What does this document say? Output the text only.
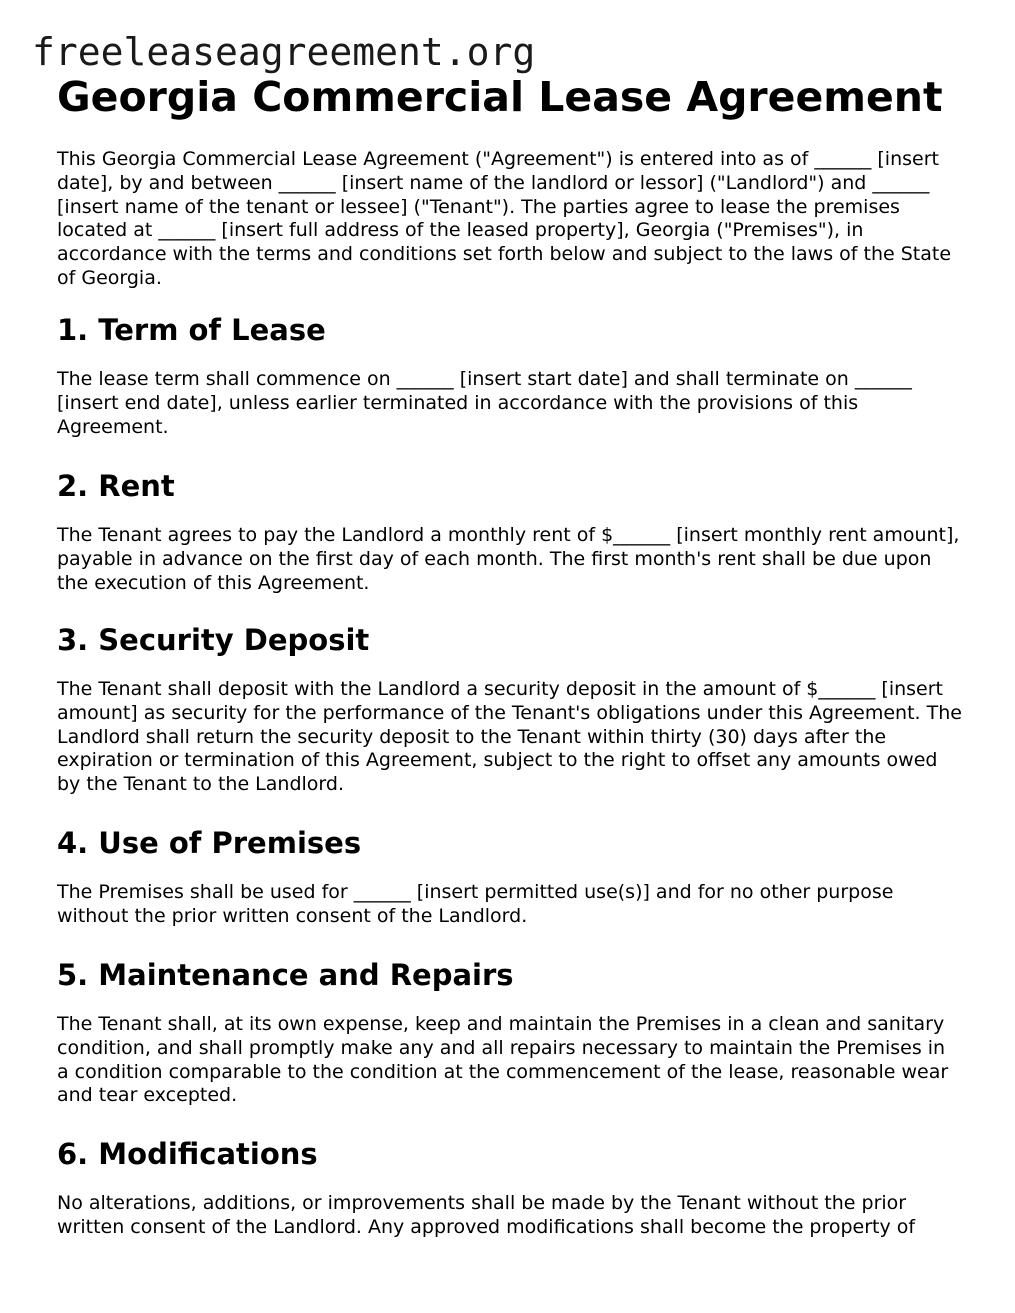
freeleaseagreement.org
Georgia Commercial Lease Agreement

This Georgia Commercial Lease Agreement ("Agreement") is entered into as of ______ [insert date], by and between ______ [insert name of the landlord or lessor] ("Landlord") and ______ [insert name of the tenant or lessee] ("Tenant"). The parties agree to lease the premises located at ______ [insert full address of the leased property], Georgia ("Premises"), in accordance with the terms and conditions set forth below and subject to the laws of the State of Georgia.

1. Term of Lease

The lease term shall commence on ______ [insert start date] and shall terminate on ______ [insert end date], unless earlier terminated in accordance with the provisions of this Agreement.

2. Rent

The Tenant agrees to pay the Landlord a monthly rent of $______ [insert monthly rent amount], payable in advance on the first day of each month. The first month's rent shall be due upon the execution of this Agreement.

3. Security Deposit

The Tenant shall deposit with the Landlord a security deposit in the amount of $______ [insert amount] as security for the performance of the Tenant's obligations under this Agreement. The Landlord shall return the security deposit to the Tenant within thirty (30) days after the expiration or termination of this Agreement, subject to the right to offset any amounts owed by the Tenant to the Landlord.

4. Use of Premises

The Premises shall be used for ______ [insert permitted use(s)] and for no other purpose without the prior written consent of the Landlord.

5. Maintenance and Repairs

The Tenant shall, at its own expense, keep and maintain the Premises in a clean and sanitary condition, and shall promptly make any and all repairs necessary to maintain the Premises in a condition comparable to the condition at the commencement of the lease, reasonable wear and tear excepted.

6. Modifications

No alterations, additions, or improvements shall be made by the Tenant without the prior written consent of the Landlord. Any approved modifications shall become the property of
